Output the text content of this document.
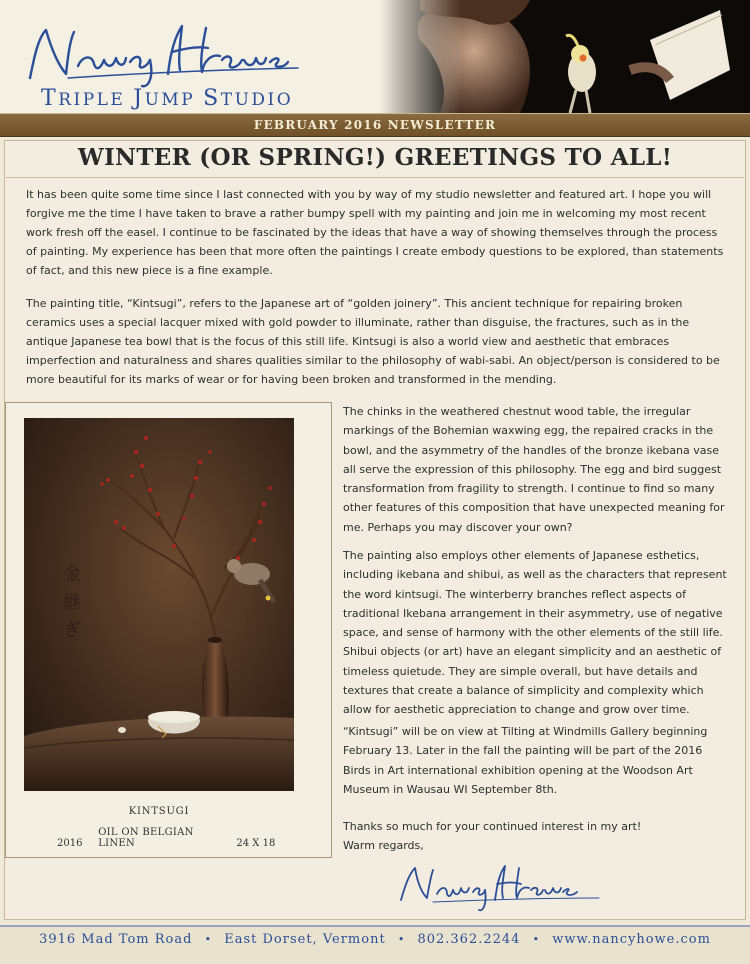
TRIPLE JUMP STUDIO
FEBRUARY 2016 NEWSLETTER
WINTER (OR SPRING!) GREETINGS TO ALL!

It has been quite some time since I last connected with you by way of my studio newsletter and featured art. I hope you will forgive me the time I have taken to brave a rather bumpy spell with my painting and join me in welcoming my most recent work fresh off the easel. I continue to be fascinated by the ideas that have a way of showing themselves through the process of painting. My experience has been that more often the paintings I create embody questions to be explored, than statements of fact, and this new piece is a fine example.

The painting title, “Kintsugi”, refers to the Japanese art of “golden joinery”. This ancient technique for repairing broken ceramics uses a special lacquer mixed with gold powder to illuminate, rather than disguise, the fractures, such as in the antique Japanese tea bowl that is the focus of this still life. Kintsugi is also a world view and aesthetic that embraces imperfection and naturalness and shares qualities similar to the philosophy of wabi-sabi. An object/person is considered to be more beautiful for its marks of wear or for having been broken and transformed in the mending.

金
継
ぎ
KINTSUGI
2016 OIL ON BELGIAN LINEN	24 X 18

The chinks in the weathered chestnut wood table, the irregular markings of the Bohemian waxwing egg, the repaired cracks in the bowl, and the asymmetry of the handles of the bronze ikebana vase all serve the expression of this philosophy. The egg and bird suggest transformation from fragility to strength. I continue to find so many other features of this composition that have unexpected meaning for me. Perhaps you may discover your own?

The painting also employs other elements of Japanese esthetics, including ikebana and shibui, as well as the characters that represent the word kintsugi. The winterberry branches reflect aspects of traditional Ikebana arrangement in their asymmetry, use of negative space, and sense of harmony with the other elements of the still life. Shibui objects (or art) have an elegant simplicity and an aesthetic of timeless quietude. They are simple overall, but have details and textures that create a balance of simplicity and complexity which allow for aesthetic appreciation to change and grow over time.

“Kintsugi” will be on view at Tilting at Windmills Gallery beginning February 13. Later in the fall the painting will be part of the 2016 Birds in Art international exhibition opening at the Woodson Art Museum in Wausau WI September 8th.

Thanks so much for your continued interest in my art!
Warm regards,
3916 Mad Tom Road • East Dorset, Vermont • 802.362.2244 • www.nancyhowe.com
